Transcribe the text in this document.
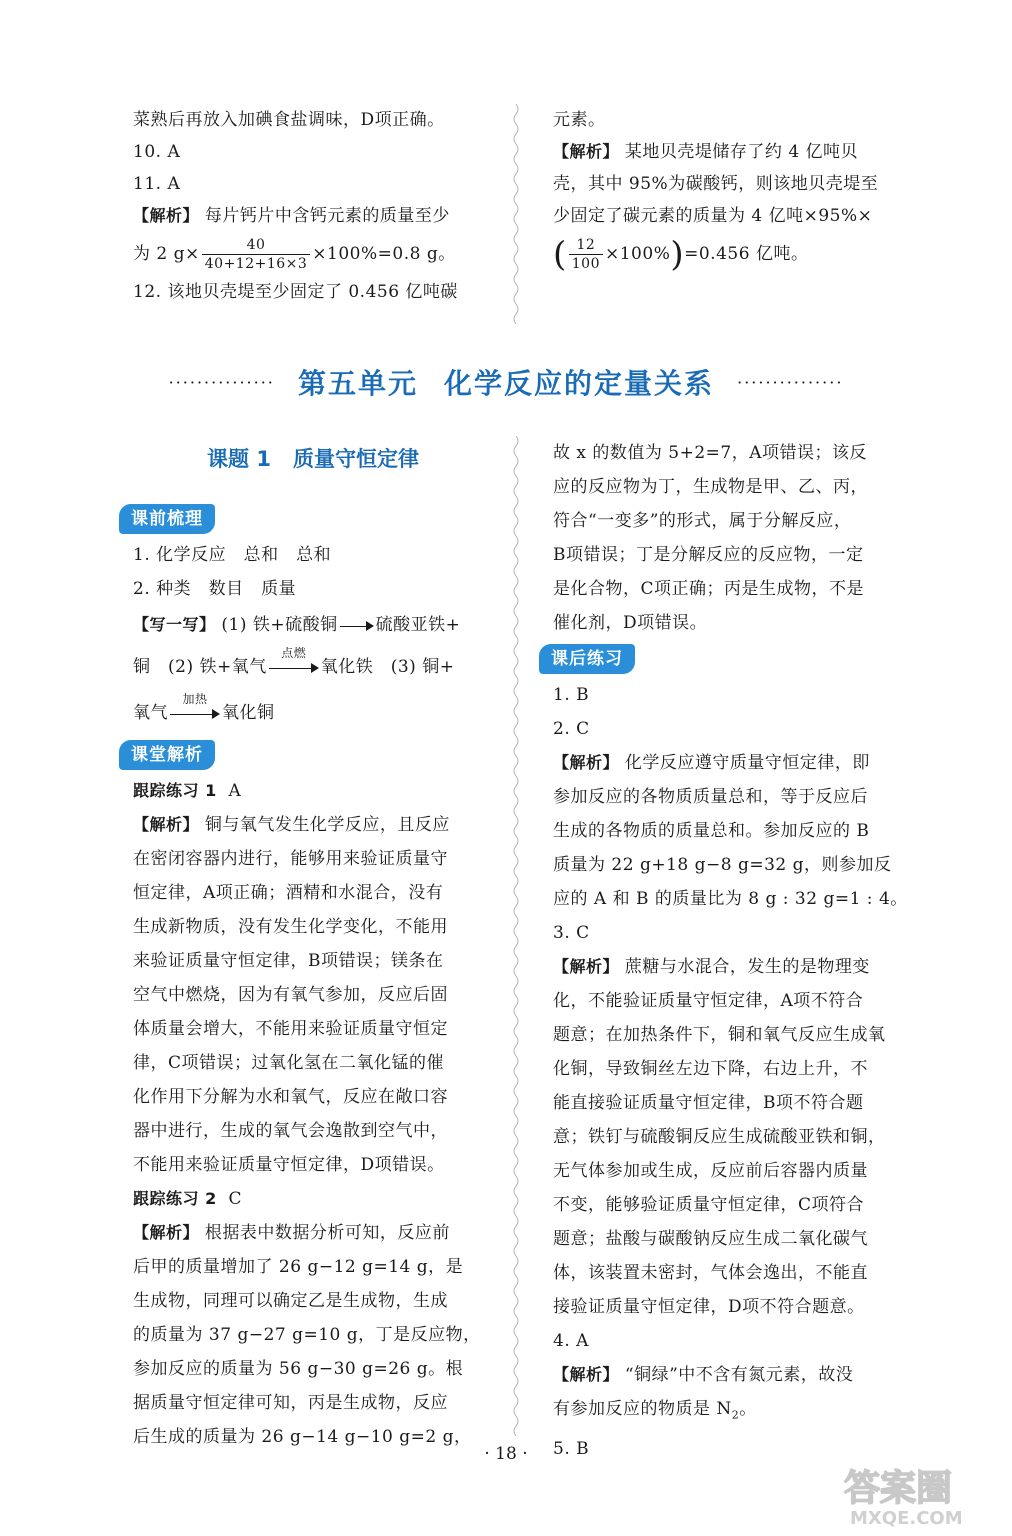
菜熟后再放入加碘食盐调味，D项正确。
10. A
11. A
【解析】 每片钙片中含钙元素的质量至少
为 2 $g\times \frac{40}{40+12+16\times 3} \times 100\%=0.8$ g。
12. 该地贝壳堤至少固定了 0.456 亿吨碳
元素。
【解析】 某地贝壳堤储存了约 4 亿吨贝
壳，其中 95%为碳酸钙，则该地贝壳堤至
少固定了碳元素的质量为 4 亿吨×95%×
( $\frac{12}{100} \times 100\%)=0.456$ 亿吨。
··············· 第五单元 化学反应的定量关系 ···············
课题 1 质量守恒定律
课前梳理
1. 化学反应　总和　总和
2. 种类　数目　质量
【写一写】 (1) 铁+硫酸铜 硫酸亚铁+
铜　(2) 铁+氧气
点燃
氧化铁　(3) 铜+
氧气
加热
氧化铜
课堂解析
跟踪练习 1 A
【解析】 铜与氧气发生化学反应，且反应
在密闭容器内进行，能够用来验证质量守
恒定律，A项正确；酒精和水混合，没有
生成新物质，没有发生化学变化，不能用
来验证质量守恒定律，B项错误；镁条在
空气中燃烧，因为有氧气参加，反应后固
体质量会增大，不能用来验证质量守恒定
律，C项错误；过氧化氢在二氧化锰的催
化作用下分解为水和氧气，反应在敞口容
器中进行，生成的氧气会逸散到空气中，
不能用来验证质量守恒定律，D项错误。
跟踪练习 2 C
【解析】 根据表中数据分析可知，反应前
后甲的质量增加了 26 g−12 g=14 g，是
生成物，同理可以确定乙是生成物，生成
的质量为 37 g−27 g=10 g，丁是反应物，
参加反应的质量为 56 g−30 g=26 g。根
据质量守恒定律可知，丙是生成物，反应
后生成的质量为 26 g−14 g−10 g=2 g，
故 x 的数值为 5+2=7，A项错误；该反
应的反应物为丁，生成物是甲、乙、丙，
符合“一变多”的形式，属于分解反应，
B项错误；丁是分解反应的反应物，一定
是化合物，C项正确；丙是生成物，不是
催化剂，D项错误。
课后练习
1. B
2. C
【解析】 化学反应遵守质量守恒定律，即
参加反应的各物质质量总和，等于反应后
生成的各物质的质量总和。参加反应的 B
质量为 22 g+18 g−8 g=32 g，则参加反
应的 A 和 B 的质量比为 8 g : 32 g=1 : 4。
3. C
【解析】 蔗糖与水混合，发生的是物理变
化，不能验证质量守恒定律，A项不符合
题意；在加热条件下，铜和氧气反应生成氧
化铜，导致铜丝左边下降，右边上升，不
能直接验证质量守恒定律，B项不符合题
意；铁钉与硫酸铜反应生成硫酸亚铁和铜，
无气体参加或生成，反应前后容器内质量
不变，能够验证质量守恒定律，C项符合
题意；盐酸与碳酸钠反应生成二氧化碳气
体，该装置未密封，气体会逸出，不能直
接验证质量守恒定律，D项不符合题意。
4. A
【解析】 “铜绿”中不含有氮元素，故没
有参加反应的物质是 $N_2$。
5. B
· 18 ·
答案圈
MXQE.COM
